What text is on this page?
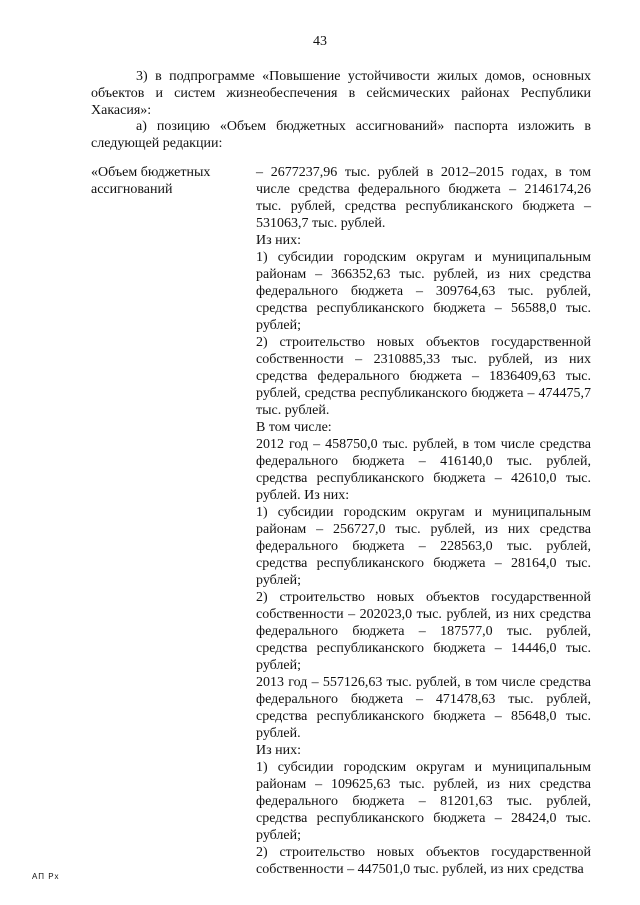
43
3) в подпрограмме «Повышение устойчивости жилых домов, основных объектов и систем жизнеобеспечения в сейсмических районах Республики Хакасия»:
а) позицию «Объем бюджетных ассигнований» паспорта изложить в следующей редакции:
«Объем бюджетных ассигнований

– 2677237,96 тыс. рублей в 2012–2015 годах, в том числе средства федерального бюджета – 2146174,26 тыс. рублей, средства республиканского бюджета – 531063,7 тыс. рублей.

Из них:

1) субсидии городским округам и муниципальным районам – 366352,63 тыс. рублей, из них средства федерального бюджета – 309764,63 тыс. рублей, средства республиканского бюджета – 56588,0 тыс. рублей;

2) строительство новых объектов государственной собственности – 2310885,33 тыс. рублей, из них средства федерального бюджета – 1836409,63 тыс. рублей, средства республиканского бюджета – 474475,7 тыс. рублей.

В том числе:

2012 год – 458750,0 тыс. рублей, в том числе средства федерального бюджета – 416140,0 тыс. рублей, средства республиканского бюджета – 42610,0 тыс. рублей. Из них:

1) субсидии городским округам и муниципальным районам – 256727,0 тыс. рублей, из них средства федерального бюджета – 228563,0 тыс. рублей, средства республиканского бюджета – 28164,0 тыс. рублей;

2) строительство новых объектов государственной собственности – 202023,0 тыс. рублей, из них средства федерального бюджета – 187577,0 тыс. рублей, средства республиканского бюджета – 14446,0 тыс. рублей;

2013 год – 557126,63 тыс. рублей, в том числе средства федерального бюджета – 471478,63 тыс. рублей, средства республиканского бюджета – 85648,0 тыс. рублей.

Из них:

1) субсидии городским округам и муниципальным районам – 109625,63 тыс. рублей, из них средства федерального бюджета – 81201,63 тыс. рублей, средства республиканского бюджета – 28424,0 тыс. рублей;

2) строительство новых объектов государственной собственности – 447501,0 тыс. рублей, из них средства

АП Рх
